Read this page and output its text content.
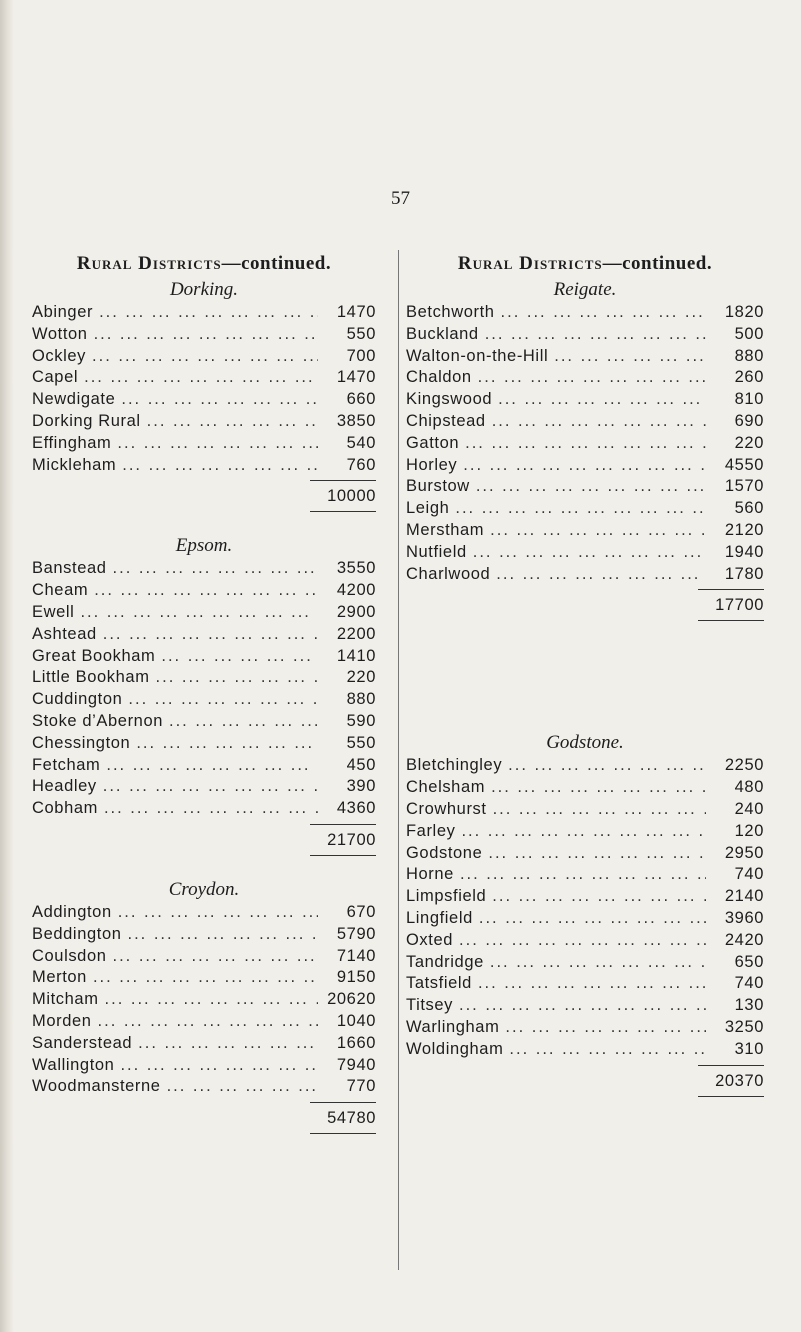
57
Rural Districts—continued.
Dorking.
Abinger ... .	1470
Wotton ... .	550
Ockley ... .	700
Capel ... .	1470
Newdigate ... .	660
Dorking Rural ... .	3850
Effingham ... .	540
Mickleham ... .	760
10000
Epsom.
Banstead ... .	3550
Cheam ... .	4200
Ewell ... .	2900
Ashtead ... .	2200
Great Bookham ... .	1410
Little Bookham ... .	220
Cuddington ... .	880
Stoke d’Abernon ... .	590
Chessington ... .	550
Fetcham ... .	450
Headley ... .	390
Cobham ... .	4360
21700
Croydon.
Addington ... .	670
Beddington ... .	5790
Coulsdon ... .	7140
Merton ... .	9150
Mitcham ... .	20620
Morden ... .	1040
Sanderstead ... .	1660
Wallington ... .	7940
Woodmansterne ... .	770
54780
Rural Districts—continued.
Reigate.
Betchworth ... .	1820
Buckland ... .	500
Walton-on-the-Hill ... .	880
Chaldon ... .	260
Kingswood ... .	810
Chipstead ... .	690
Gatton ... .	220
Horley ... .	4550
Burstow ... .	1570
Leigh ... .	560
Merstham ... .	2120
Nutfield ... .	1940
Charlwood ... .	1780
17700
Godstone.
Bletchingley ... .	2250
Chelsham ... .	480
Crowhurst ... .	240
Farley ... .	120
Godstone ... .	2950
Horne ... .	740
Limpsfield ... .	2140
Lingfield ... .	3960
Oxted ... .	2420
Tandridge ... .	650
Tatsfield ... .	740
Titsey ... .	130
Warlingham ... .	3250
Woldingham ... .	310
20370
